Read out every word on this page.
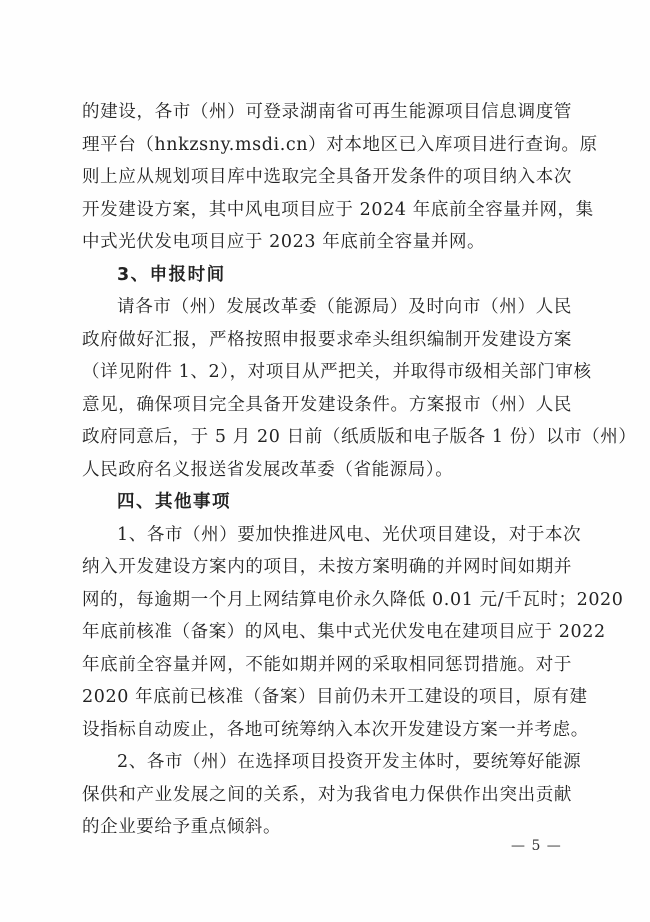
的建设，各市（州）可登录湖南省可再生能源项目信息调度管
理平台（hnkzsny.msdi.cn）对本地区已入库项目进行查询。原
则上应从规划项目库中选取完全具备开发条件的项目纳入本次
开发建设方案，其中风电项目应于 2024 年底前全容量并网，集
中式光伏发电项目应于 2023 年底前全容量并网。
3、申报时间
请各市（州）发展改革委（能源局）及时向市（州）人民
政府做好汇报，严格按照申报要求牵头组织编制开发建设方案
（详见附件 1、2），对项目从严把关，并取得市级相关部门审核
意见，确保项目完全具备开发建设条件。方案报市（州）人民
政府同意后，于 5 月 20 日前（纸质版和电子版各 1 份）以市（州）
人民政府名义报送省发展改革委（省能源局）。
四、其他事项
1、各市（州）要加快推进风电、光伏项目建设，对于本次
纳入开发建设方案内的项目，未按方案明确的并网时间如期并
网的，每逾期一个月上网结算电价永久降低 0.01 元/千瓦时；2020
年底前核准（备案）的风电、集中式光伏发电在建项目应于 2022
年底前全容量并网，不能如期并网的采取相同惩罚措施。对于
2020 年底前已核准（备案）目前仍未开工建设的项目，原有建
设指标自动废止，各地可统筹纳入本次开发建设方案一并考虑。
2、各市（州）在选择项目投资开发主体时，要统筹好能源
保供和产业发展之间的关系，对为我省电力保供作出突出贡献
的企业要给予重点倾斜。
— 5 —
